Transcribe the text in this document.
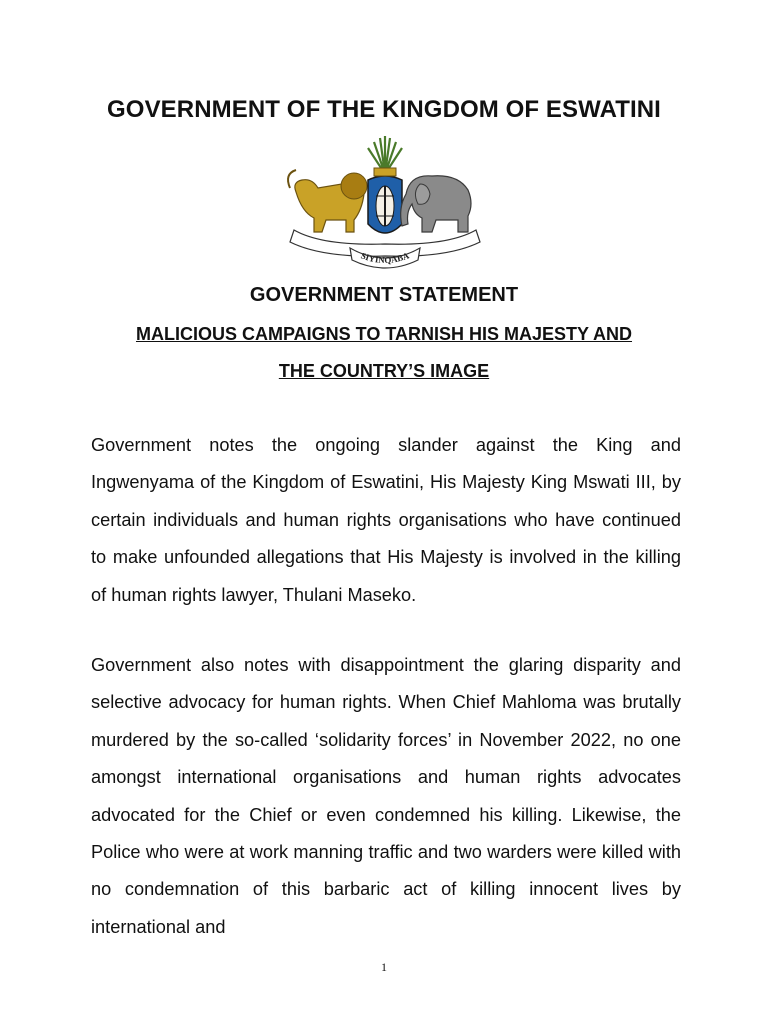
GOVERNMENT OF THE KINGDOM OF ESWATINI
SIYINQABA
GOVERNMENT STATEMENT
MALICIOUS CAMPAIGNS TO TARNISH HIS MAJESTY AND
THE COUNTRY’S IMAGE

Government notes the ongoing slander against the King and Ingwenyama of the Kingdom of Eswatini, His Majesty King Mswati III, by certain individuals and human rights organisations who have continued to make unfounded allegations that His Majesty is involved in the killing of human rights lawyer, Thulani Maseko.

Government also notes with disappointment the glaring disparity and selective advocacy for human rights. When Chief Mahloma was brutally murdered by the so-called ‘solidarity forces’ in November 2022, no one amongst international organisations and human rights advocates advocated for the Chief or even condemned his killing. Likewise, the Police who were at work manning traffic and two warders were killed with no condemnation of this barbaric act of killing innocent lives by international and

1
